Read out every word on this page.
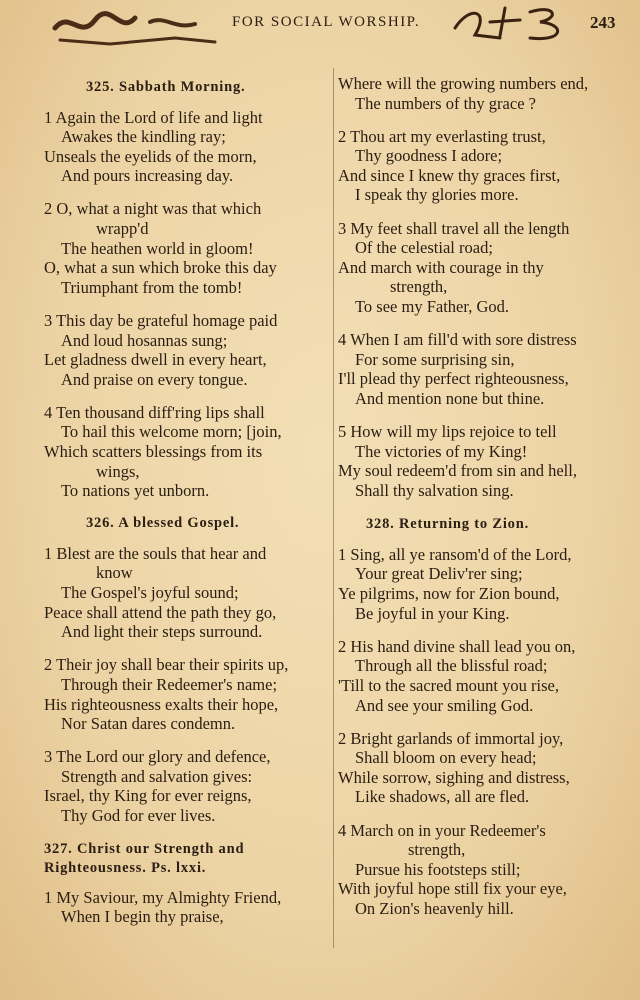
FOR SOCIAL WORSHIP.	243
325. Sabbath Morning.
1 Again the Lord of life and light
Awakes the kindling ray;
Unseals the eyelids of the morn,
And pours increasing day.
2 O, what a night was that which
wrapp'd
The heathen world in gloom!
O, what a sun which broke this day
Triumphant from the tomb!
3 This day be grateful homage paid
And loud hosannas sung;
Let gladness dwell in every heart,
And praise on every tongue.
4 Ten thousand diff'ring lips shall
To hail this welcome morn; [join,
Which scatters blessings from its
wings,
To nations yet unborn.
326. A blessed Gospel.
1 Blest are the souls that hear and
know
The Gospel's joyful sound;
Peace shall attend the path they go,
And light their steps surround.
2 Their joy shall bear their spirits up,
Through their Redeemer's name;
His righteousness exalts their hope,
Nor Satan dares condemn.
3 The Lord our glory and defence,
Strength and salvation gives:
Israel, thy King for ever reigns,
Thy God for ever lives.
327. Christ our Strength and
Righteousness. Ps. lxxi.
1 My Saviour, my Almighty Friend,
When I begin thy praise,
Where will the growing numbers end,
The numbers of thy grace ?
2 Thou art my everlasting trust,
Thy goodness I adore;
And since I knew thy graces first,
I speak thy glories more.
3 My feet shall travel all the length
Of the celestial road;
And march with courage in thy
strength,
To see my Father, God.
4 When I am fill'd with sore distress
For some surprising sin,
I'll plead thy perfect righteousness,
And mention none but thine.
5 How will my lips rejoice to tell
The victories of my King!
My soul redeem'd from sin and hell,
Shall thy salvation sing.
328. Returning to Zion.
1 Sing, all ye ransom'd of the Lord,
Your great Deliv'rer sing;
Ye pilgrims, now for Zion bound,
Be joyful in your King.
2 His hand divine shall lead you on,
Through all the blissful road;
'Till to the sacred mount you rise,
And see your smiling God.
2 Bright garlands of immortal joy,
Shall bloom on every head;
While sorrow, sighing and distress,
Like shadows, all are fled.
4 March on in your Redeemer's
strength,
Pursue his footsteps still;
With joyful hope still fix your eye,
On Zion's heavenly hill.
